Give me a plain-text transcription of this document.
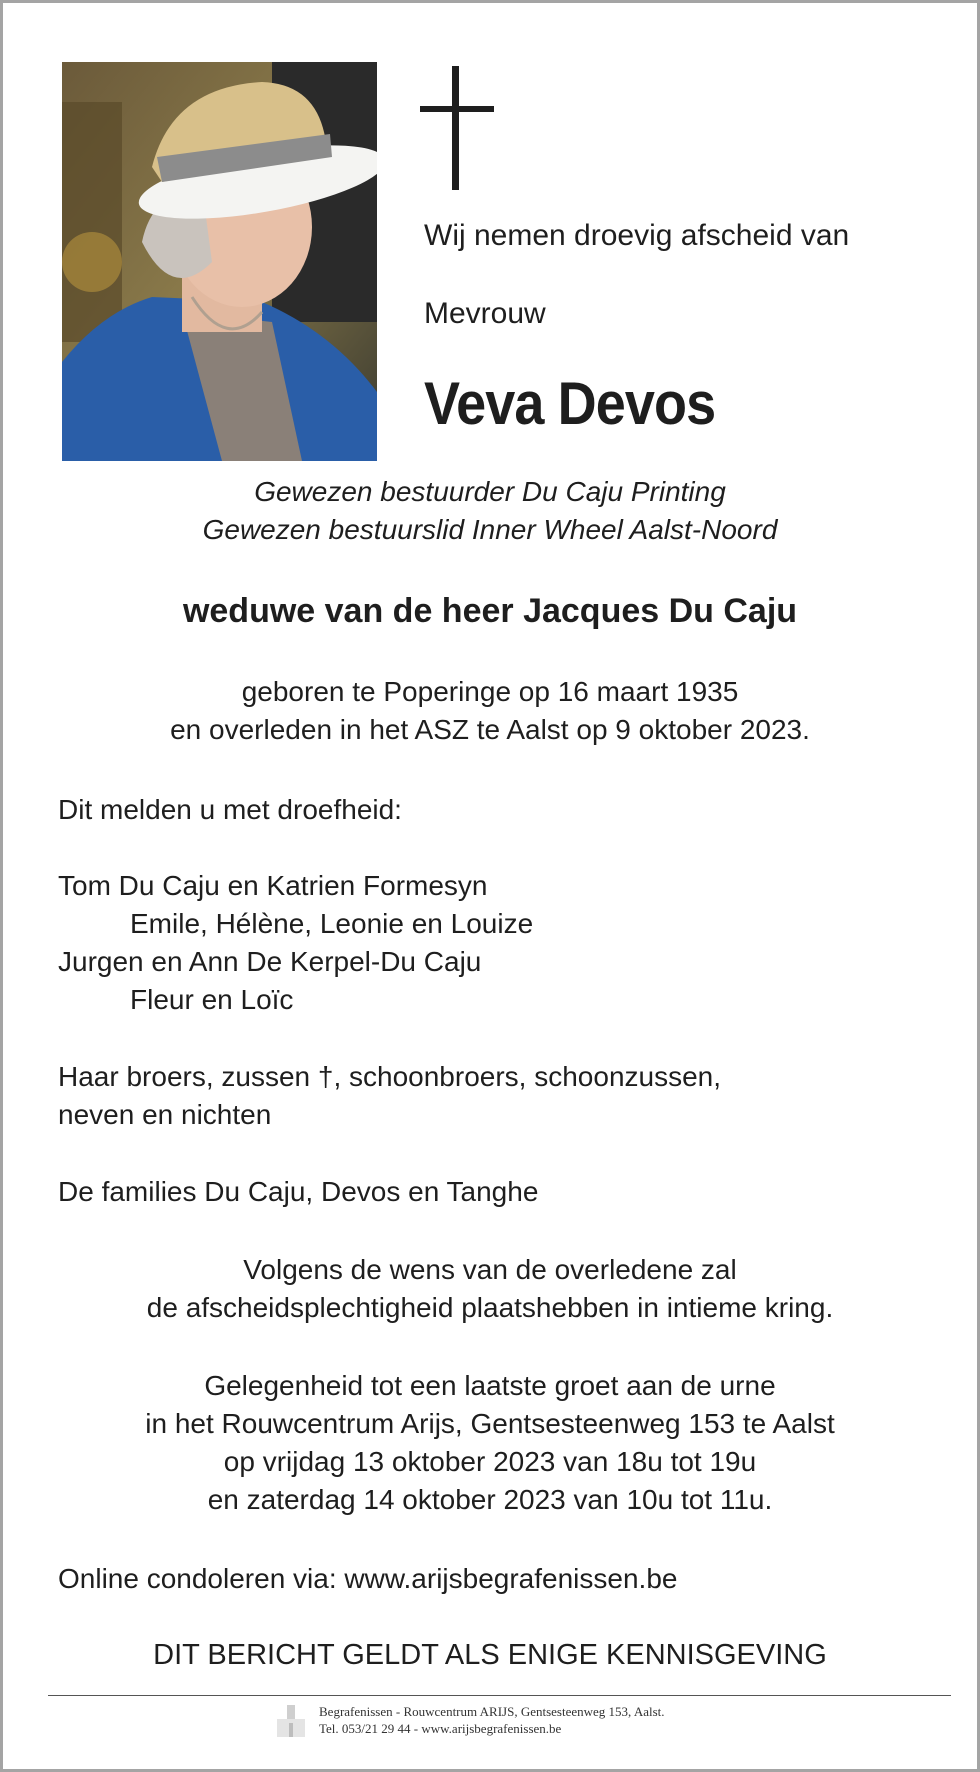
Wij nemen droevig afscheid van
Mevrouw
Veva Devos
Gewezen bestuurder Du Caju Printing
Gewezen bestuurslid Inner Wheel Aalst-Noord
weduwe van de heer Jacques Du Caju
geboren te Poperinge op 16 maart 1935
en overleden in het ASZ te Aalst op 9 oktober 2023.
Dit melden u met droefheid:
Tom Du Caju en Katrien Formesyn
Emile, Hélène, Leonie en Louize
Jurgen en Ann De Kerpel-Du Caju
Fleur en Loïc
Haar broers, zussen †, schoonbroers, schoonzussen,
neven en nichten
De families Du Caju, Devos en Tanghe
Volgens de wens van de overledene zal
de afscheidsplechtigheid plaatshebben in intieme kring.
Gelegenheid tot een laatste groet aan de urne
in het Rouwcentrum Arijs, Gentsesteenweg 153 te Aalst
op vrijdag 13 oktober 2023 van 18u tot 19u
en zaterdag 14 oktober 2023 van 10u tot 11u.
Online condoleren via: www.arijsbegrafenissen.be
DIT BERICHT GELDT ALS ENIGE KENNISGEVING
Begrafenissen - Rouwcentrum ARIJS, Gentsesteenweg 153, Aalst.
Tel. 053/21 29 44 - www.arijsbegrafenissen.be
